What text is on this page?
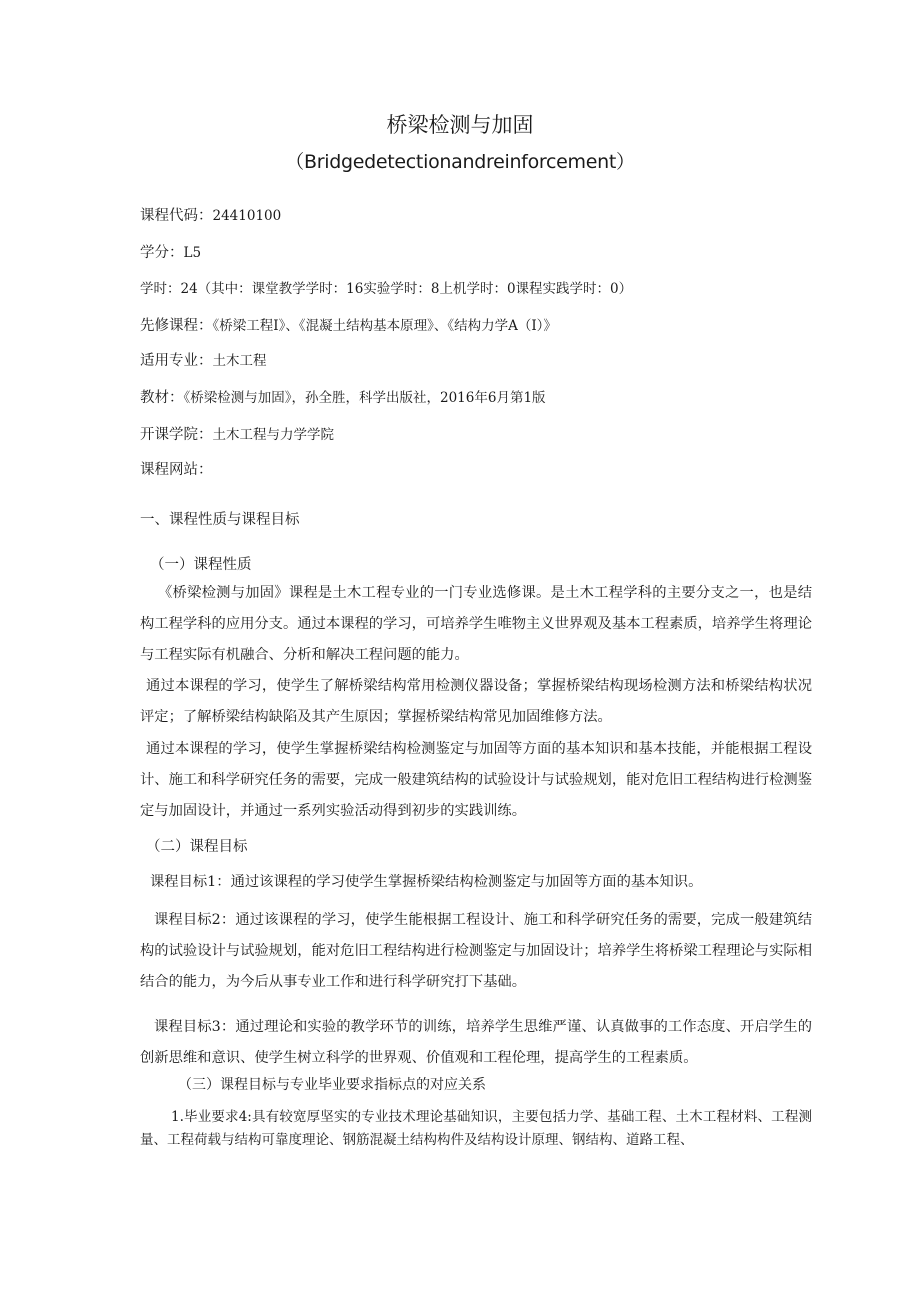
桥梁检测与加固
（Bridgedetectionandreinforcement）
课程代码：24410100
学分：L5
学时：24（其中：课堂教学学时：16实验学时：8上机学时：0课程实践学时：0）
先修课程：《桥梁工程I》、《混凝土结构基本原理》、《结构力学A（I）》
适用专业：土木工程
教材：《桥梁检测与加固》，孙全胜，科学出版社，2016年6月第1版
开课学院：土木工程与力学学院
课程网站：
一、课程性质与课程目标
（一）课程性质
《桥梁检测与加固》课程是土木工程专业的一门专业选修课。是土木工程学科的主要分支之一，也是结构工程学科的应用分支。通过本课程的学习，可培养学生唯物主义世界观及基本工程素质，培养学生将理论与工程实际有机融合、分析和解决工程问题的能力。
通过本课程的学习，使学生了解桥梁结构常用检测仪器设备；掌握桥梁结构现场检测方法和桥梁结构状况评定；了解桥梁结构缺陷及其产生原因；掌握桥梁结构常见加固维修方法。
通过本课程的学习，使学生掌握桥梁结构检测鉴定与加固等方面的基本知识和基本技能，并能根据工程设计、施工和科学研究任务的需要，完成一般建筑结构的试验设计与试验规划，能对危旧工程结构进行检测鉴定与加固设计，并通过一系列实验活动得到初步的实践训练。
（二）课程目标
课程目标1：通过该课程的学习使学生掌握桥梁结构检测鉴定与加固等方面的基本知识。
课程目标2：通过该课程的学习，使学生能根据工程设计、施工和科学研究任务的需要，完成一般建筑结构的试验设计与试验规划，能对危旧工程结构进行检测鉴定与加固设计；培养学生将桥梁工程理论与实际相结合的能力，为今后从事专业工作和进行科学研究打下基础。
课程目标3：通过理论和实验的教学环节的训练，培养学生思维严谨、认真做事的工作态度、开启学生的创新思维和意识、使学生树立科学的世界观、价值观和工程伦理，提高学生的工程素质。
（三）课程目标与专业毕业要求指标点的对应关系
1.毕业要求4:具有较宽厚坚实的专业技术理论基础知识，主要包括力学、基础工程、土木工程材料、工程测量、工程荷载与结构可靠度理论、钢筋混凝土结构构件及结构设计原理、钢结构、道路工程、
